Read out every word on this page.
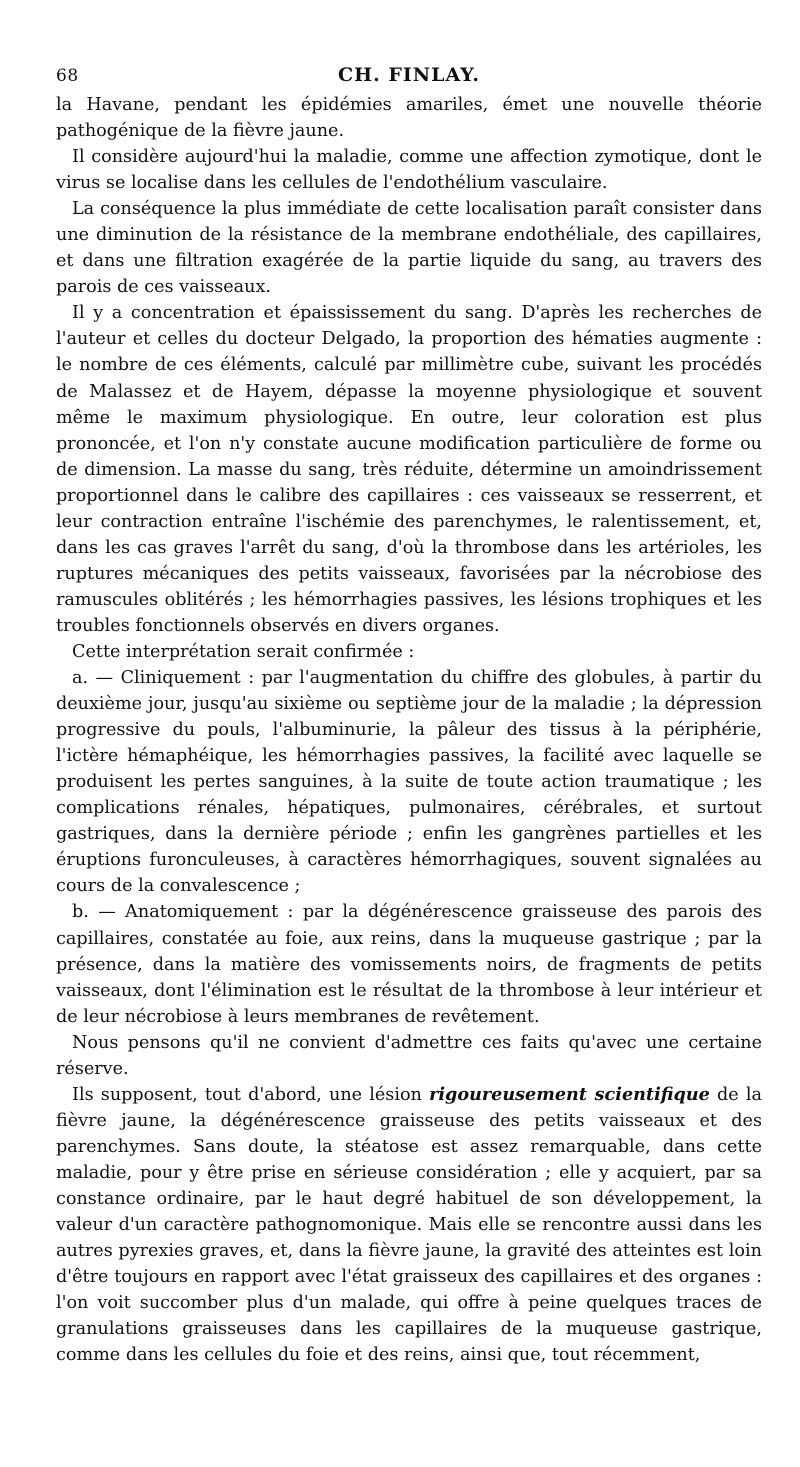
68	CH. FINLAY.

la Havane, pendant les épidémies amariles, émet une nouvelle théorie pathogénique de la fièvre jaune.

Il considère aujourd'hui la maladie, comme une affection zymotique, dont le virus se localise dans les cellules de l'endothélium vasculaire.

La conséquence la plus immédiate de cette localisation paraît consister dans une diminution de la résistance de la membrane endothéliale, des capillaires, et dans une filtration exagérée de la partie liquide du sang, au travers des parois de ces vaisseaux.

Il y a concentration et épaississement du sang. D'après les recherches de l'auteur et celles du docteur Delgado, la proportion des hématies augmente : le nombre de ces éléments, calculé par millimètre cube, suivant les procédés de Malassez et de Hayem, dépasse la moyenne physiologique et souvent même le maximum physiologique. En outre, leur coloration est plus prononcée, et l'on n'y constate aucune modification particulière de forme ou de dimension. La masse du sang, très réduite, détermine un amoindrissement proportionnel dans le calibre des capillaires : ces vaisseaux se resserrent, et leur contraction entraîne l'ischémie des parenchymes, le ralentissement, et, dans les cas graves l'arrêt du sang, d'où la thrombose dans les artérioles, les ruptures mécaniques des petits vaisseaux, favorisées par la nécrobiose des ramuscules oblitérés ; les hémorrhagies passives, les lésions trophiques et les troubles fonctionnels observés en divers organes.

Cette interprétation serait confirmée :

a. — Cliniquement : par l'augmentation du chiffre des globules, à partir du deuxième jour, jusqu'au sixième ou septième jour de la maladie ; la dépression progressive du pouls, l'albuminurie, la pâleur des tissus à la périphérie, l'ictère hémaphéique, les hémorrhagies passives, la facilité avec laquelle se produisent les pertes sanguines, à la suite de toute action traumatique ; les complications rénales, hépatiques, pulmonaires, cérébrales, et surtout gastriques, dans la dernière période ; enfin les gangrènes partielles et les éruptions furonculeuses, à caractères hémorrhagiques, souvent signalées au cours de la convalescence ;

b. — Anatomiquement : par la dégénérescence graisseuse des parois des capillaires, constatée au foie, aux reins, dans la muqueuse gastrique ; par la présence, dans la matière des vomissements noirs, de fragments de petits vaisseaux, dont l'élimination est le résultat de la thrombose à leur intérieur et de leur nécrobiose à leurs membranes de revêtement.

Nous pensons qu'il ne convient d'admettre ces faits qu'avec une certaine réserve.

Ils supposent, tout d'abord, une lésion rigoureusement scientifique de la fièvre jaune, la dégénérescence graisseuse des petits vaisseaux et des parenchymes. Sans doute, la stéatose est assez remarquable, dans cette maladie, pour y être prise en sérieuse considération ; elle y acquiert, par sa constance ordinaire, par le haut degré habituel de son développement, la valeur d'un caractère pathognomonique. Mais elle se rencontre aussi dans les autres pyrexies graves, et, dans la fièvre jaune, la gravité des atteintes est loin d'être toujours en rapport avec l'état graisseux des capillaires et des organes : l'on voit succomber plus d'un malade, qui offre à peine quelques traces de granulations graisseuses dans les capillaires de la muqueuse gastrique, comme dans les cellules du foie et des reins, ainsi que, tout récemment,
